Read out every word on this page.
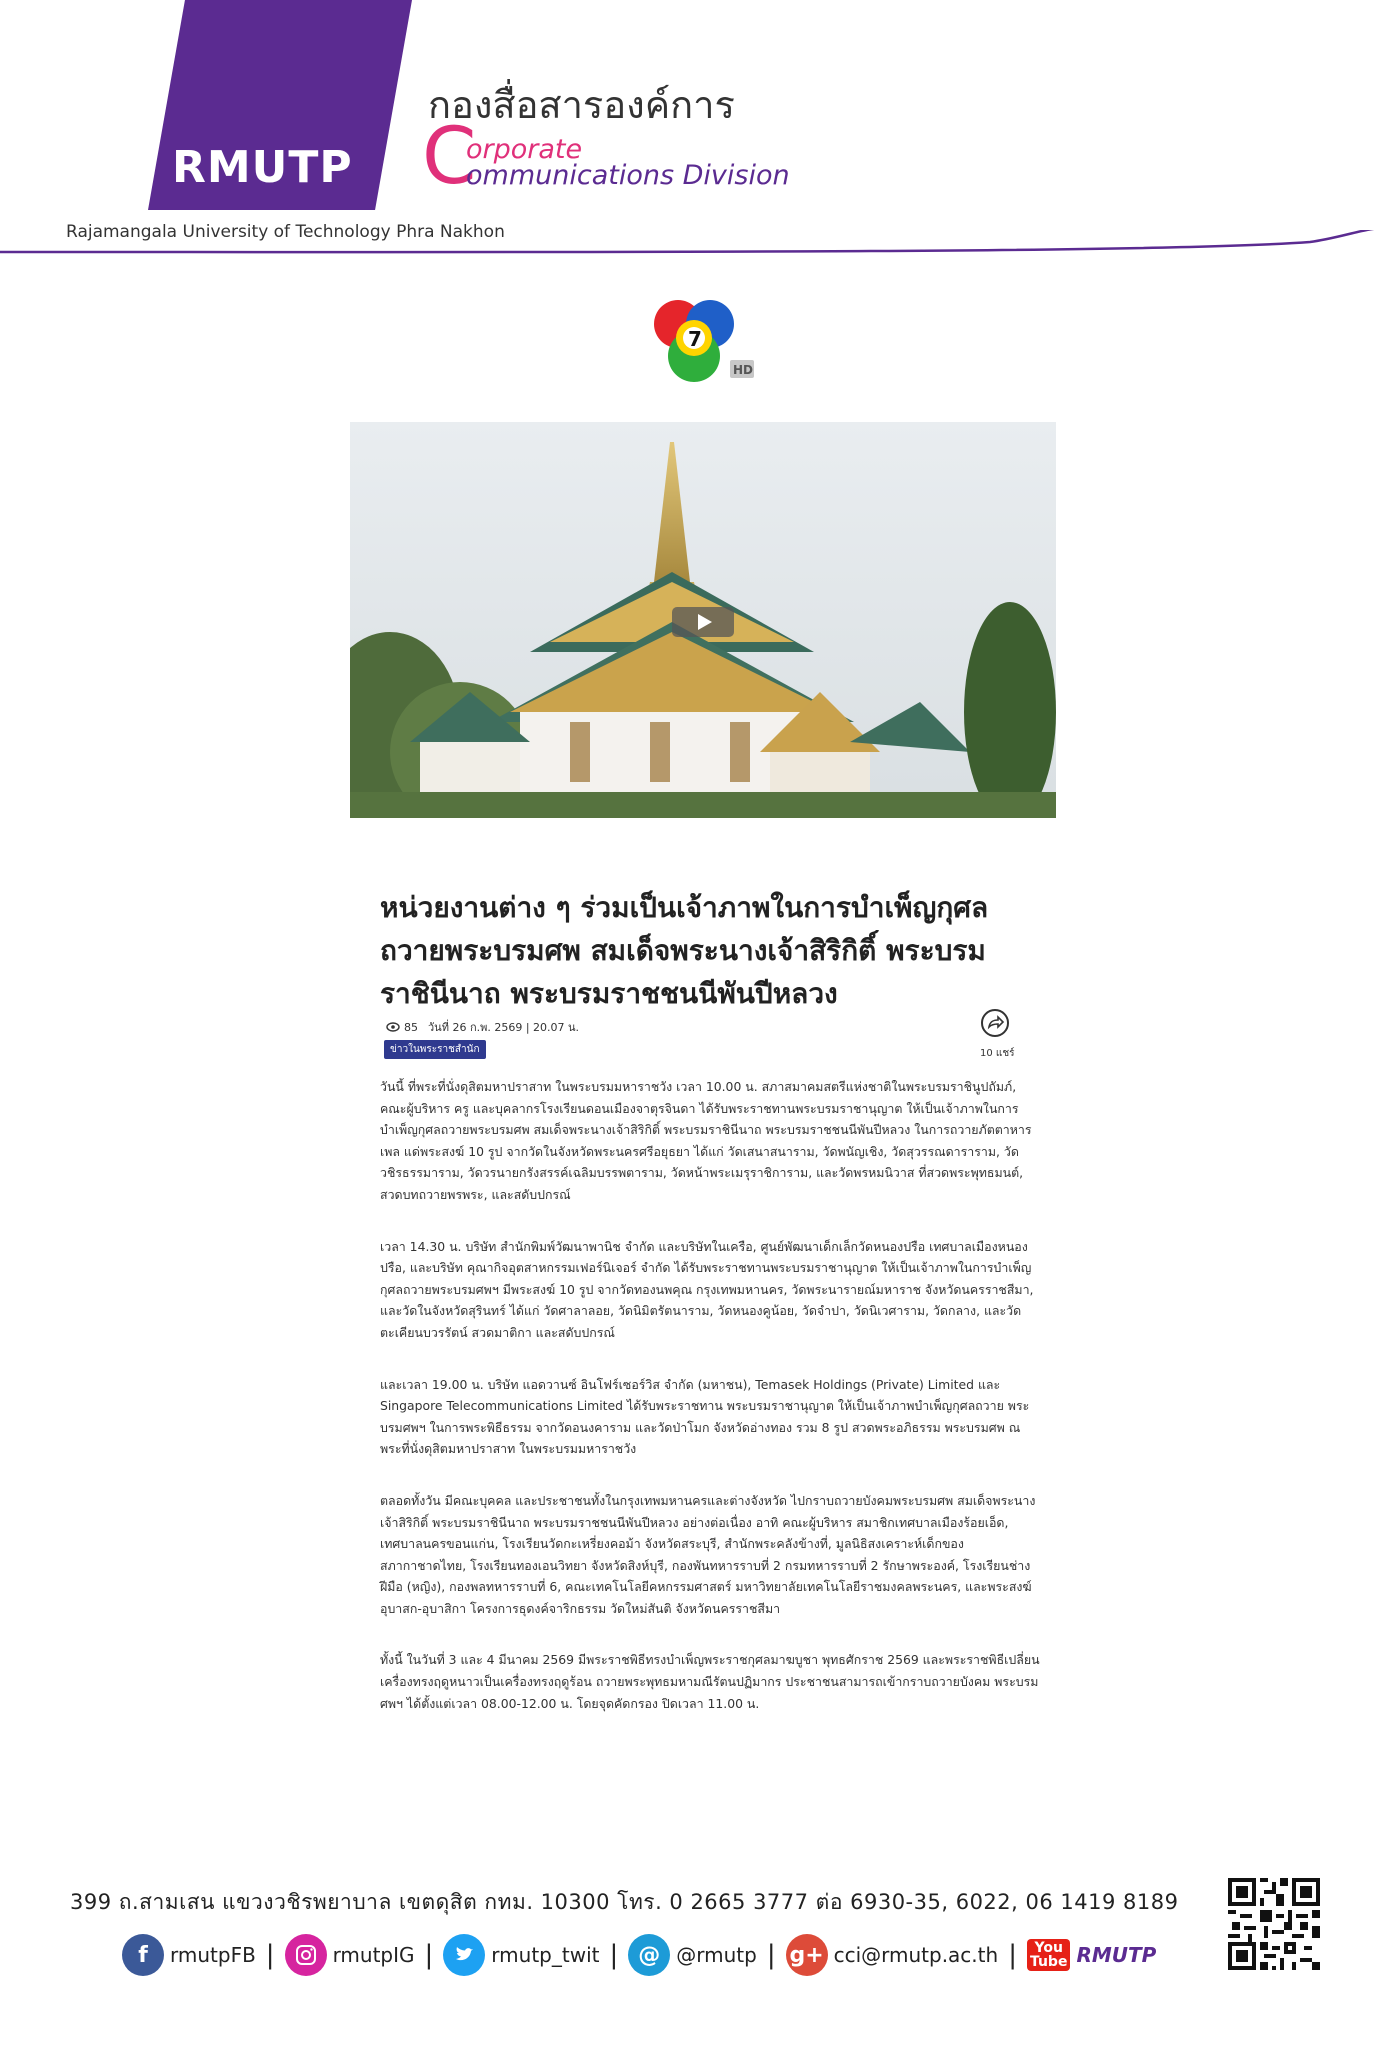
RMUTP
กองสื่อสารองค์การ
C
orporate
ommunications Division
Rajamangala University of Technology Phra Nakhon
7
HD
หน่วยงานต่าง ๆ ร่วมเป็นเจ้าภาพในการบำเพ็ญกุศลถวายพระบรมศพ สมเด็จพระนางเจ้าสิริกิติ์ พระบรมราชินีนาถ พระบรมราชชนนีพันปีหลวง
85 วันที่ 26 ก.พ. 2569 | 20.07 น.
ข่าวในพระราชสำนัก	10 แชร์

วันนี้ ที่พระที่นั่งดุสิตมหาปราสาท ในพระบรมมหาราชวัง เวลา 10.00 น. สภาสมาคมสตรีแห่งชาติในพระบรมราชินูปถัมภ์, คณะผู้บริหาร ครู และบุคลากรโรงเรียนดอนเมืองจาตุรจินดา ได้รับพระราชทานพระบรมราชานุญาต ให้เป็นเจ้าภาพในการบำเพ็ญกุศลถวายพระบรมศพ สมเด็จพระนางเจ้าสิริกิติ์ พระบรมราชินีนาถ พระบรมราชชนนีพันปีหลวง ในการถวายภัตตาหารเพล แด่พระสงฆ์ 10 รูป จากวัดในจังหวัดพระนครศรีอยุธยา ได้แก่ วัดเสนาสนาราม, วัดพนัญเชิง, วัดสุวรรณดาราราม, วัดวชิรธรรมาราม, วัดวรนายกรังสรรค์เฉลิมบรรพตาราม, วัดหน้าพระเมรุราชิการาม, และวัดพรหมนิวาส ที่สวดพระพุทธมนต์, สวดบทถวายพรพระ, และสดับปกรณ์

เวลา 14.30 น. บริษัท สำนักพิมพ์วัฒนาพานิช จำกัด และบริษัทในเครือ, ศูนย์พัฒนาเด็กเล็กวัดหนองปรือ เทศบาลเมืองหนองปรือ, และบริษัท คุณากิจอุตสาหกรรมเฟอร์นิเจอร์ จำกัด ได้รับพระราชทานพระบรมราชานุญาต ให้เป็นเจ้าภาพในการบำเพ็ญกุศลถวายพระบรมศพฯ มีพระสงฆ์ 10 รูป จากวัดทองนพคุณ กรุงเทพมหานคร, วัดพระนารายณ์มหาราช จังหวัดนครราชสีมา, และวัดในจังหวัดสุรินทร์ ได้แก่ วัดศาลาลอย, วัดนิมิตรัตนาราม, วัดหนองคูน้อย, วัดจำปา, วัดนิเวศาราม, วัดกลาง, และวัดตะเคียนบวรรัตน์ สวดมาติกา และสดับปกรณ์

และเวลา 19.00 น. บริษัท แอดวานซ์ อินโฟร์เซอร์วิส จำกัด (มหาชน), Temasek Holdings (Private) Limited และ Singapore Telecommunications Limited ได้รับพระราชทาน พระบรมราชานุญาต ให้เป็นเจ้าภาพบำเพ็ญกุศลถวาย พระบรมศพฯ ในการพระพิธีธรรม จากวัดอนงคาราม และวัดป่าโมก จังหวัดอ่างทอง รวม 8 รูป สวดพระอภิธรรม พระบรมศพ ณ พระที่นั่งดุสิตมหาปราสาท ในพระบรมมหาราชวัง

ตลอดทั้งวัน มีคณะบุคคล และประชาชนทั้งในกรุงเทพมหานครและต่างจังหวัด ไปกราบถวายบังคมพระบรมศพ สมเด็จพระนางเจ้าสิริกิติ์ พระบรมราชินีนาถ พระบรมราชชนนีพันปีหลวง อย่างต่อเนื่อง อาทิ คณะผู้บริหาร สมาชิกเทศบาลเมืองร้อยเอ็ด, เทศบาลนครขอนแก่น, โรงเรียนวัดกะเหรี่ยงคอม้า จังหวัดสระบุรี, สำนักพระคลังข้างที่, มูลนิธิสงเคราะห์เด็กของสภากาชาดไทย, โรงเรียนทองเอนวิทยา จังหวัดสิงห์บุรี, กองพันทหารราบที่ 2 กรมทหารราบที่ 2 รักษาพระองค์, โรงเรียนช่างฝีมือ (หญิง), กองพลทหารราบที่ 6, คณะเทคโนโลยีคหกรรมศาสตร์ มหาวิทยาลัยเทคโนโลยีราชมงคลพระนคร, และพระสงฆ์ อุบาสก-อุบาสิกา โครงการธุดงค์จาริกธรรม วัดใหม่สันติ จังหวัดนครราชสีมา

ทั้งนี้ ในวันที่ 3 และ 4 มีนาคม 2569 มีพระราชพิธีทรงบำเพ็ญพระราชกุศลมาฆบูชา พุทธศักราช 2569 และพระราชพิธีเปลี่ยนเครื่องทรงฤดูหนาวเป็นเครื่องทรงฤดูร้อน ถวายพระพุทธมหามณีรัตนปฏิมากร ประชาชนสามารถเข้ากราบถวายบังคม พระบรมศพฯ ได้ตั้งแต่เวลา 08.00-12.00 น. โดยจุดคัดกรอง ปิดเวลา 11.00 น.

399 ถ.สามเสน แขวงวชิรพยาบาล เขตดุสิต กทม. 10300 โทร. 0 2665 3777 ต่อ 6930-35, 6022, 06 1419 8189
f	rmutpFB |	rmutpIG |	rmutp_twit | @ @rmutp | g+ cci@rmutp.ac.th |	You
Tube RMUTP
